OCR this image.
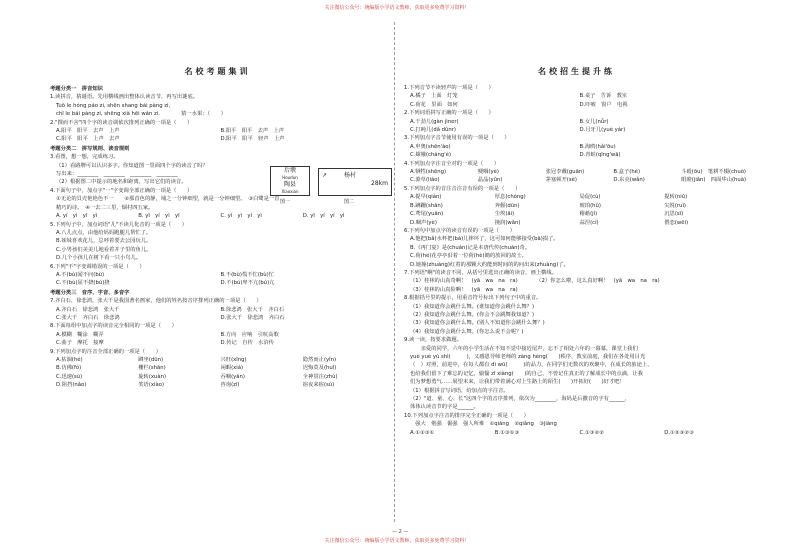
关注微信公众号：统编版小学语文教师，获取更多免费学习资料！
名校考题集训	名校招生提升练
考题分类一　拼音知识
1.读拼音，猜谜语。先用横线画出整体认读音节，再写出谜底。
Tuō le hóng páo zi, shēn shang bái pàng zi,
chī le bái pàng zi, shēng xià hēi wán zi.　　　　猜一水果：（　　）
2."撰而不舍"四个字的读音调依次排列正确的一项是（　　）
A.阳平　阳平　去声　上声	B.阳平　阳平　去声　上声
C.阳平　阳平　上声　去声	D.阳平　阳平　轻声　上声
考题分类二　拼写规则、读音规则
3.看图，想一想，完成练习。
（1）看路牌可以认识多字。你知道图一里面四个字的读音了吗？
写出来：________　________　________　________
（2）根据图二中提示的地名和距离，写出它们的读音。
4.下面句子中，加点字"一"字变调全部正确的一项是（　　）
①无论的貝壳艳艳色不一　　②那首色的静，埔之一分钟细望，就是一分钟细望。　③白鹭是一首
精巧的诗。　④一去二三里，烟村四五家。
A. yí　yì　yī　yì	B. yī　yí　yì　yī	C. yí　yì　yí　yì	D. yī　yí　yí　yì
5.下列句子中，加点词语"儿"不读儿化音的一项是（　　）
A.八儿点点，由他给妈妈跑腿儿帮忙了。
B.妹妹喜欢花儿，总呼着要去公园玩儿。
C.小男孩们美美儿地看着并子里的鱼儿。
D.几个小孩儿在树下看一只小鸟儿。
6.下列"不"字变调错误的一项是（　　）
A.不(bù)闻不问(bù)	B.不(bù)慌不忙(bù)忙
C.不(bù)屈不挠(bú)挠	D.不(bú)卑不亢(bú)亢
考题分类三　音序、字音、多音字
7.齐白石，徐悲鸿，张大千是我国著名画家，他们的姓名按音序排列正确的一项是（　　）
A.齐白石　徐悲鸿　张大千	B.徐悲鸿　张大千　齐白石
C.张大千　齐白石　徐悲鸿	D.张大千　徐悲鸿　齐白石
8.下面每组中加点字的读音完全相同的一项是（　　）
A.模糊　糊涂　糊弄	B.方向　应响　引吭高歌
C.曲子　摩托　接摩	D.传记　自传　水浒传
9.下列加点字的注音全部正确的一项是（　　）
A.枯涸(hé)	蹲坐(dūn)	兴旺(xīng)	隐然而止(yǐn)
B.仿佛(fó)	栅栏(shān)	闲暇(xiá)	迟悔莫及(huǐ)
C.迅速(sù)	旋转(xuàn)	吞咽(yān)	全神贯注(zhù)
D.阻挡(nǎo)	笑语(xiào)	咨询(zī)	宿夜来宿(sù)
1.下列音节不读轻声的一项是（　　）
A.橘子　上面　灯笼	B.桌子　告诉　教室
C.荷花　里面　如何	D.吓唬　窗户　电视
2.下列词语拼写正确的一项是（　　）
A.干劲儿(gàn jìner)	B.女儿(nǚr)
C.打盹儿(dǎ dǔnr)	D.月牙儿(yuè yár)
3.下列加点字音节使用有误的一项是（　　）
A.申奥(shēn'ào)	B.海鸥(hǎi'ōu)
C.嫦娥(cháng'é)	D.青蛙(qīng'wā)
4.下列加点字注音全对的一项是（　　）
A.牺牲(shēng)	哽咽(yè)	张冠李戴(guān)	B.盒子(hé)	斗殴(ōu)　笔耕不辍(chuò)
C.潦草(liáo)	晶晶(yǔn)	茅塞顿开(sè)	D.东亮(wǎn)	眼睑(jiǎn)　四面华山(huà)
5.下列加点字的音注音注音有误的一项是（　　）
A.提早(qián)	厚息(chóng)	局促(cù)	提转(niǔ)
B.蹒跚(shān)	奔偃(dūn)	琥珀(hǔ)	尖锐(ruì)
C.鸢尾(yuān)	尘埃(āi)	稽藉(jí)	沉思(sī)
D.咽声(yè)	挽润(wǎn)	蒜涅(cí)	偎恋(wēi)
6.下列句中加点字的读音有误的一项是（　　）
A.他把(bǎ)水杯把(bà)儿摔坏了，这可如何能够接受(bā)损了。
B.《再门宴》是(chuán)记是本唐代传(chuán)奇。
C.荷(hé)花亭亭沿着一位荷(hè)锄的放回的故士。
D.她撞(zhuàng)红着的那颗大约能到时间的的问出来(zhuàng)了。
7.下列语"啊"的读音不同，从括号里选出正确的读音，画上横线。
（1）桂林的山真奇啊！　(yā　wa　na　ra)　　　　（2）你怎么啦，这么真好啊！　(yā　wa　na　ra)
（3）桂林的山真险啊！　(yā　wa　na　ra)
8.根据括号里的提示，用重音符号标出下列句子中的重音。
（1）我知道你会跳什么舞。(谁知道你会跳什么舞？)
（2）我知道你会跳什么舞。(你会不会跳舞我知道？)
（3）我知道你会跳什么舞。(别人不知道你会跳什么舞？)
（4）我知道你会跳什么舞。(你怎么说不会呢？)
9.读一读，按要求做题。
　　亲爱的同学，六年的小学生活在不知不觉中接近尾声，忘不了相处六年的一幕幕，课堂上我们
yuè yuè yù shì(　　　)，又感恩导师老师的 zàng héng(　　)秩序，教室前庭，我们在各处用目光
（　）对照，前进中，在每人都有 dì wū(　　　)的品力，在同学们无数次的欢聚中，在成长的旅途上，
也给我们留下了难忘的记忆，愉愉 zī xiàng(　　)的自己，不曾记住真正的了解成长中的点滴，让我
们为梦想勇气……展望未来，让我们带着满心对上生路上的陌生(　　)开拓好(　　)好才吧！
（1）根据拼音写词语，给加点的字注音。
（2）"道、童、心、长"这四个字的音序排列，依次为________，海妈是后撒音的字有______，
体体认读音节的字是______。
10.下列加点字注音的排序完全正确的一项是（　　）
　强大　勉强　倔强　强人所难　①qiáng　②qiǎng　③jiàng
A.①②③①	B.①③①③	C.①③②②	D.①②③②③
后墩
Houdun
陶县
Xiaoxian
↗	杨村
28km
图一	图二
— 2 —
关注微信公众号：统编版小学语文教师，获取更多免费学习资料！
